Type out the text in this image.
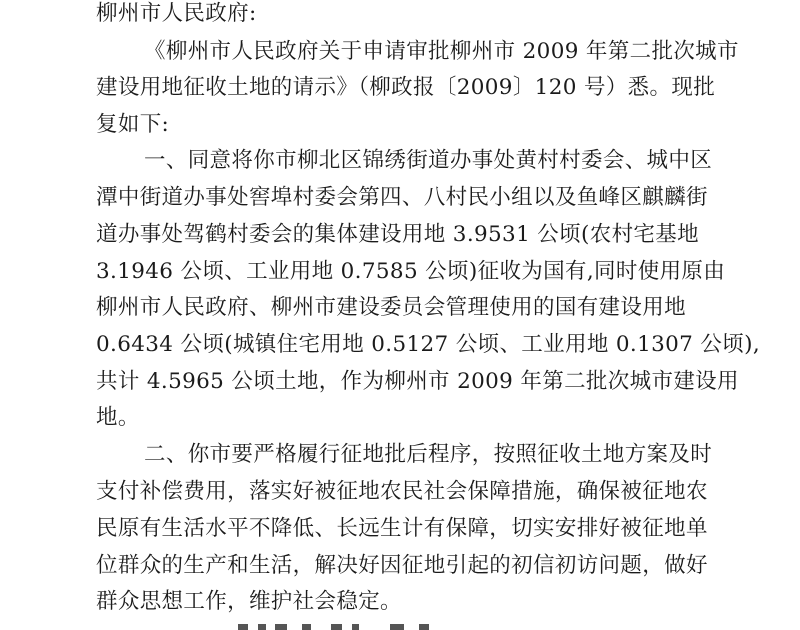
柳州市人民政府:
《柳州市人民政府关于申请审批柳州市 2009 年第二批次城市
建设用地征收土地的请示》（柳政报〔2009〕120 号）悉。现批
复如下:
一、同意将你市柳北区锦绣街道办事处黄村村委会、城中区
潭中街道办事处窖埠村委会第四、八村民小组以及鱼峰区麒麟街
道办事处驾鹤村委会的集体建设用地 3.9531 公顷(农村宅基地
3.1946 公顷、工业用地 0.7585 公顷)征收为国有,同时使用原由
柳州市人民政府、柳州市建设委员会管理使用的国有建设用地
0.6434 公顷(城镇住宅用地 0.5127 公顷、工业用地 0.1307 公顷),
共计 4.5965 公顷土地，作为柳州市 2009 年第二批次城市建设用
地。
二、你市要严格履行征地批后程序，按照征收土地方案及时
支付补偿费用，落实好被征地农民社会保障措施，确保被征地农
民原有生活水平不降低、长远生计有保障，切实安排好被征地单
位群众的生产和生活，解决好因征地引起的初信初访问题，做好
群众思想工作，维护社会稳定。
